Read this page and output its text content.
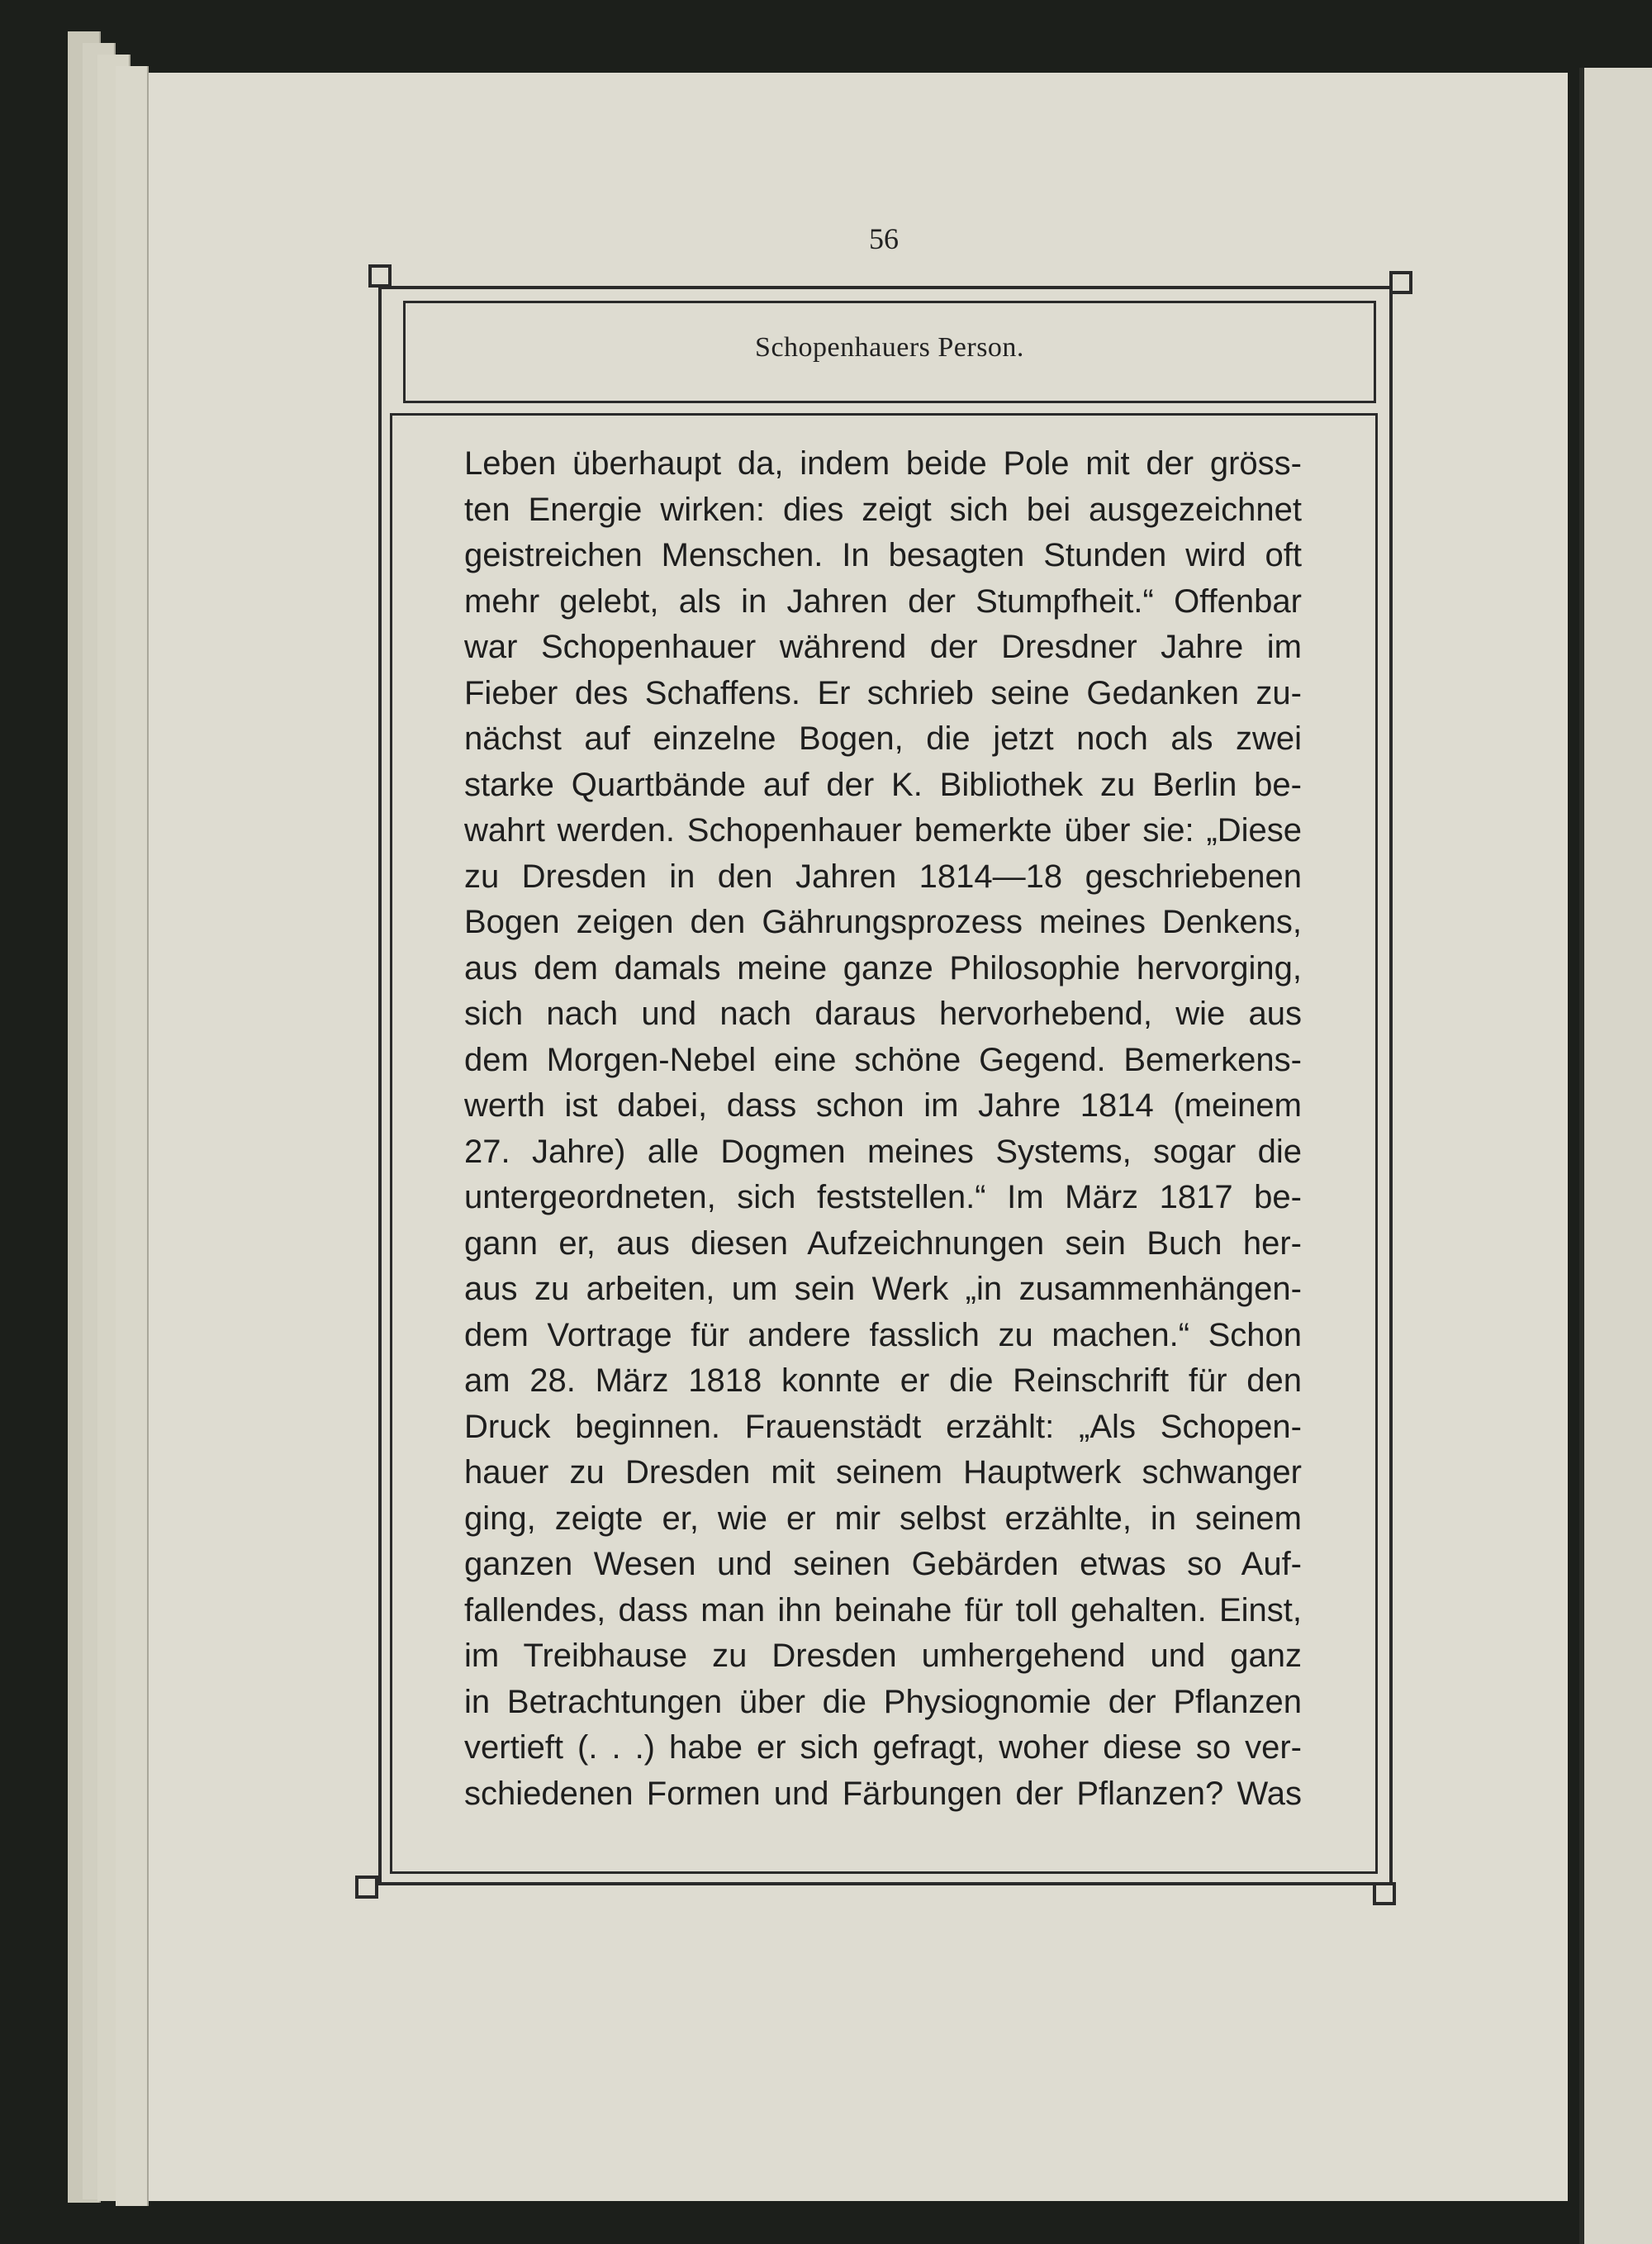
56
Schopenhauers Person.
Leben überhaupt da, indem beide Pole mit der gröss-
ten Energie wirken: dies zeigt sich bei ausgezeichnet
geistreichen Menschen. In besagten Stunden wird oft
mehr gelebt, als in Jahren der Stumpfheit.“ Offenbar
war Schopenhauer während der Dresdner Jahre im
Fieber des Schaffens. Er schrieb seine Gedanken zu-
nächst auf einzelne Bogen, die jetzt noch als zwei
starke Quartbände auf der K. Bibliothek zu Berlin be-
wahrt werden. Schopenhauer bemerkte über sie: „Diese
zu Dresden in den Jahren 1814—18 geschriebenen
Bogen zeigen den Gährungsprozess meines Denkens,
aus dem damals meine ganze Philosophie hervorging,
sich nach und nach daraus hervorhebend, wie aus
dem Morgen-Nebel eine schöne Gegend. Bemerkens-
werth ist dabei, dass schon im Jahre 1814 (meinem
27. Jahre) alle Dogmen meines Systems, sogar die
untergeordneten, sich feststellen.“ Im März 1817 be-
gann er, aus diesen Aufzeichnungen sein Buch her-
aus zu arbeiten, um sein Werk „in zusammenhängen-
dem Vortrage für andere fasslich zu machen.“ Schon
am 28. März 1818 konnte er die Reinschrift für den
Druck beginnen. Frauenstädt erzählt: „Als Schopen-
hauer zu Dresden mit seinem Hauptwerk schwanger
ging, zeigte er, wie er mir selbst erzählte, in seinem
ganzen Wesen und seinen Gebärden etwas so Auf-
fallendes, dass man ihn beinahe für toll gehalten. Einst,
im Treibhause zu Dresden umhergehend und ganz
in Betrachtungen über die Physiognomie der Pflanzen
vertieft (. . .) habe er sich gefragt, woher diese so ver-
schiedenen Formen und Färbungen der Pflanzen? Was
